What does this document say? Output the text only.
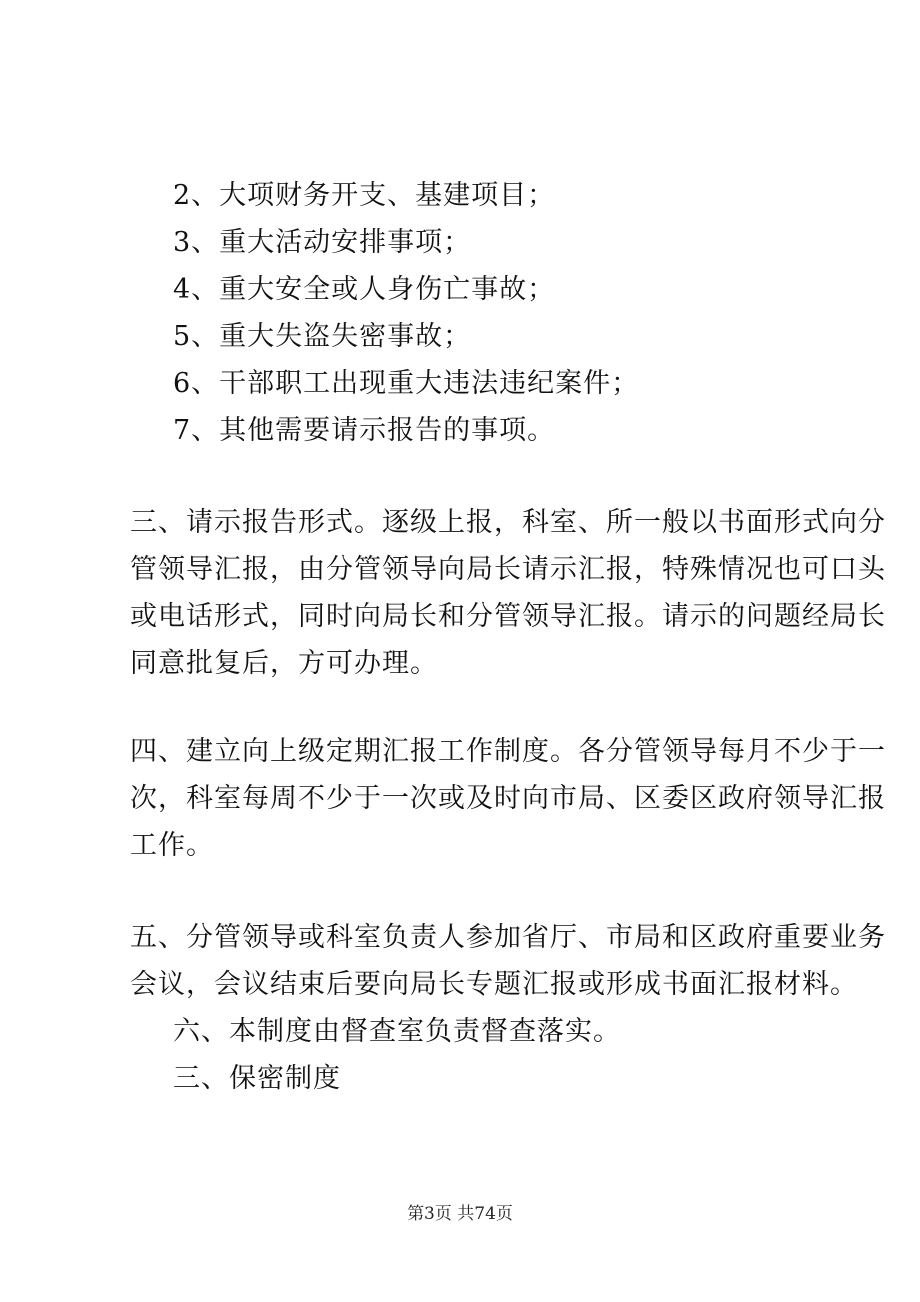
2、大项财务开支、基建项目；

3、重大活动安排事项；

4、重大安全或人身伤亡事故；

5、重大失盗失密事故；

6、干部职工出现重大违法违纪案件；

7、其他需要请示报告的事项。

三、请示报告形式。逐级上报，科室、所一般以书面形式向分

管领导汇报，由分管领导向局长请示汇报，特殊情况也可口头

或电话形式，同时向局长和分管领导汇报。请示的问题经局长

同意批复后，方可办理。

四、建立向上级定期汇报工作制度。各分管领导每月不少于一

次，科室每周不少于一次或及时向市局、区委区政府领导汇报

工作。

五、分管领导或科室负责人参加省厅、市局和区政府重要业务

会议，会议结束后要向局长专题汇报或形成书面汇报材料。

六、本制度由督查室负责督查落实。

三、保密制度

第3页 共74页
